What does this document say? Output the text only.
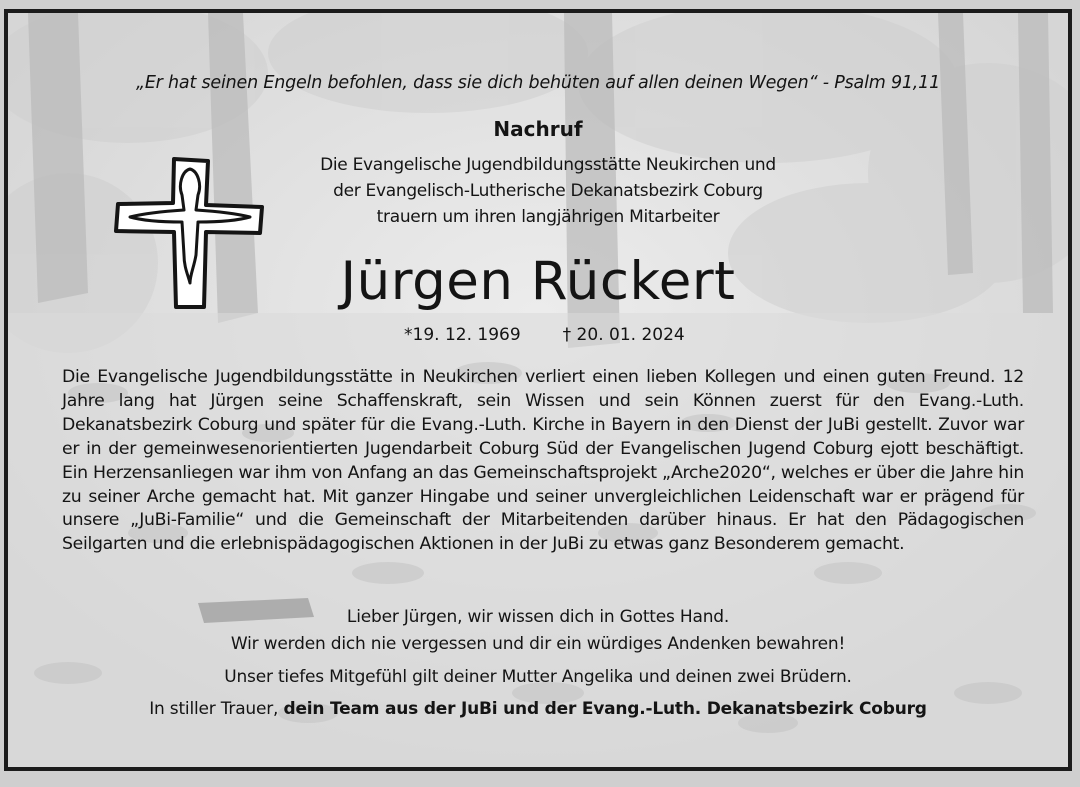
„Er hat seinen Engeln befohlen, dass sie dich behüten auf allen deinen Wegen“ - Psalm 91,11
Nachruf
Die Evangelische Jugendbildungsstätte Neukirchen und
der Evangelisch-Lutherische Dekanatsbezirk Coburg
trauern um ihren langjährigen Mitarbeiter
Jürgen Rückert
*19. 12. 1969 † 20. 01. 2024
Die Evangelische Jugendbildungsstätte in Neukirchen verliert einen lieben Kollegen und einen guten Freund. 12 Jahre lang hat Jürgen seine Schaffenskraft, sein Wissen und sein Können zuerst für den Evang.-Luth. Dekanatsbezirk Coburg und später für die Evang.-Luth. Kirche in Bayern in den Dienst der JuBi gestellt. Zuvor war er in der gemeinwesenorientierten Jugendarbeit Coburg Süd der Evangelischen Jugend Coburg ejott beschäftigt. Ein Herzensanliegen war ihm von Anfang an das Gemeinschaftsprojekt „Arche2020“, welches er über die Jahre hin zu seiner Arche gemacht hat. Mit ganzer Hingabe und seiner unvergleichlichen Leidenschaft war er prägend für unsere „JuBi-Familie“ und die Gemeinschaft der Mitarbeitenden darüber hinaus. Er hat den Pädagogischen Seilgarten und die erlebnispädagogischen Aktionen in der JuBi zu etwas ganz Besonderem gemacht.
Lieber Jürgen, wir wissen dich in Gottes Hand.
Wir werden dich nie vergessen und dir ein würdiges Andenken bewahren!
Unser tiefes Mitgefühl gilt deiner Mutter Angelika und deinen zwei Brüdern.
In stiller Trauer, dein Team aus der JuBi und der Evang.-Luth. Dekanatsbezirk Coburg
